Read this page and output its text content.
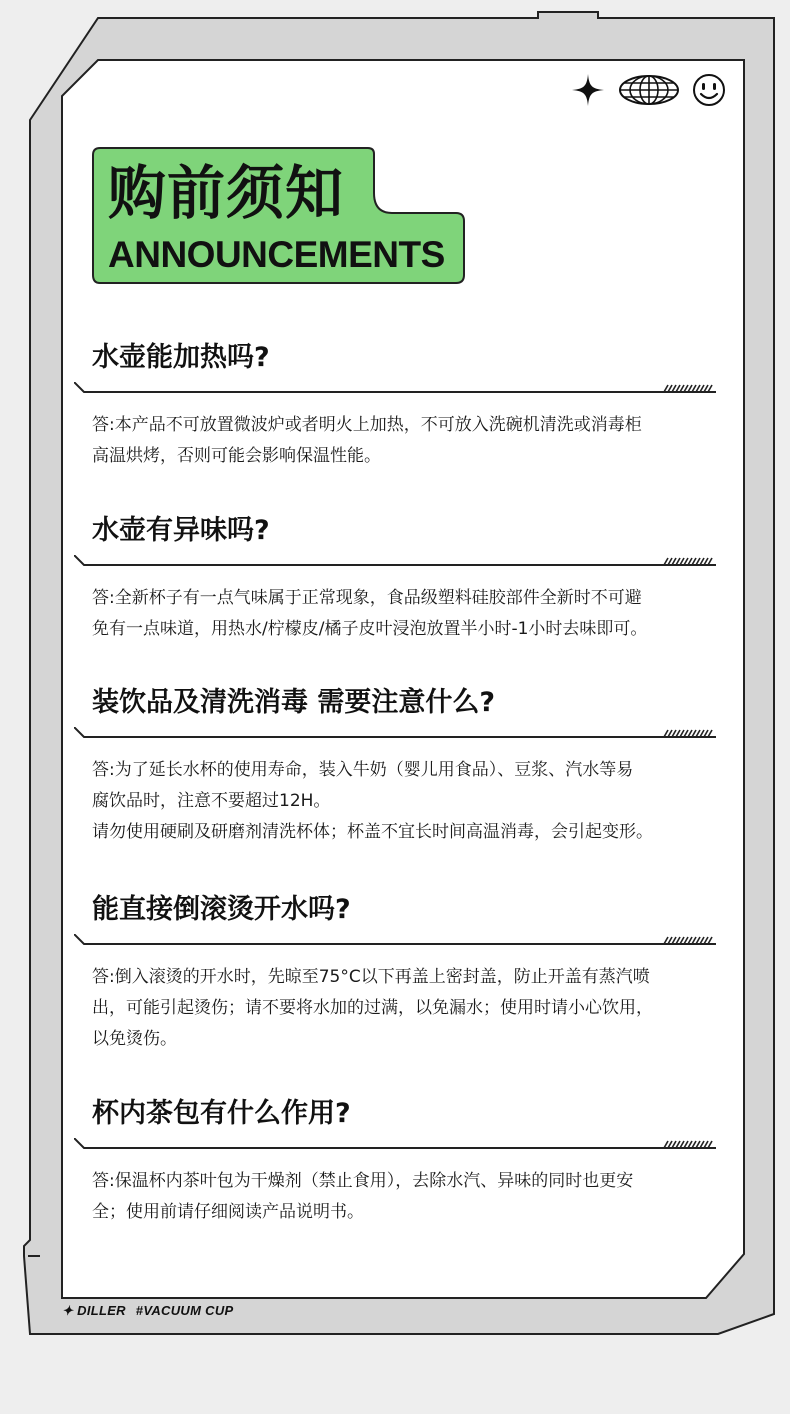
购前须知
ANNOUNCEMENTS
水壶能加热吗?
答:本产品不可放置微波炉或者明火上加热，不可放入洗碗机清洗或消毒柜
高温烘烤，否则可能会影响保温性能。
水壶有异味吗?
答:全新杯子有一点气味属于正常现象，食品级塑料硅胶部件全新时不可避
免有一点味道，用热水/柠檬皮/橘子皮叶浸泡放置半小时-1小时去味即可。
装饮品及清洗消毒 需要注意什么?
答:为了延长水杯的使用寿命，装入牛奶（婴儿用食品）、豆浆、汽水等易
腐饮品时，注意不要超过12H。
请勿使用硬刷及研磨剂清洗杯体；杯盖不宜长时间高温消毒，会引起变形。
能直接倒滚烫开水吗?
答:倒入滚烫的开水时，先晾至75°C以下再盖上密封盖，防止开盖有蒸汽喷
出，可能引起烫伤；请不要将水加的过满，以免漏水；使用时请小心饮用，
以免烫伤。
杯内茶包有什么作用?
答:保温杯内茶叶包为干燥剂（禁止食用），去除水汽、异味的同时也更安
全；使用前请仔细阅读产品说明书。
✦ DILLER #VACUUM CUP
